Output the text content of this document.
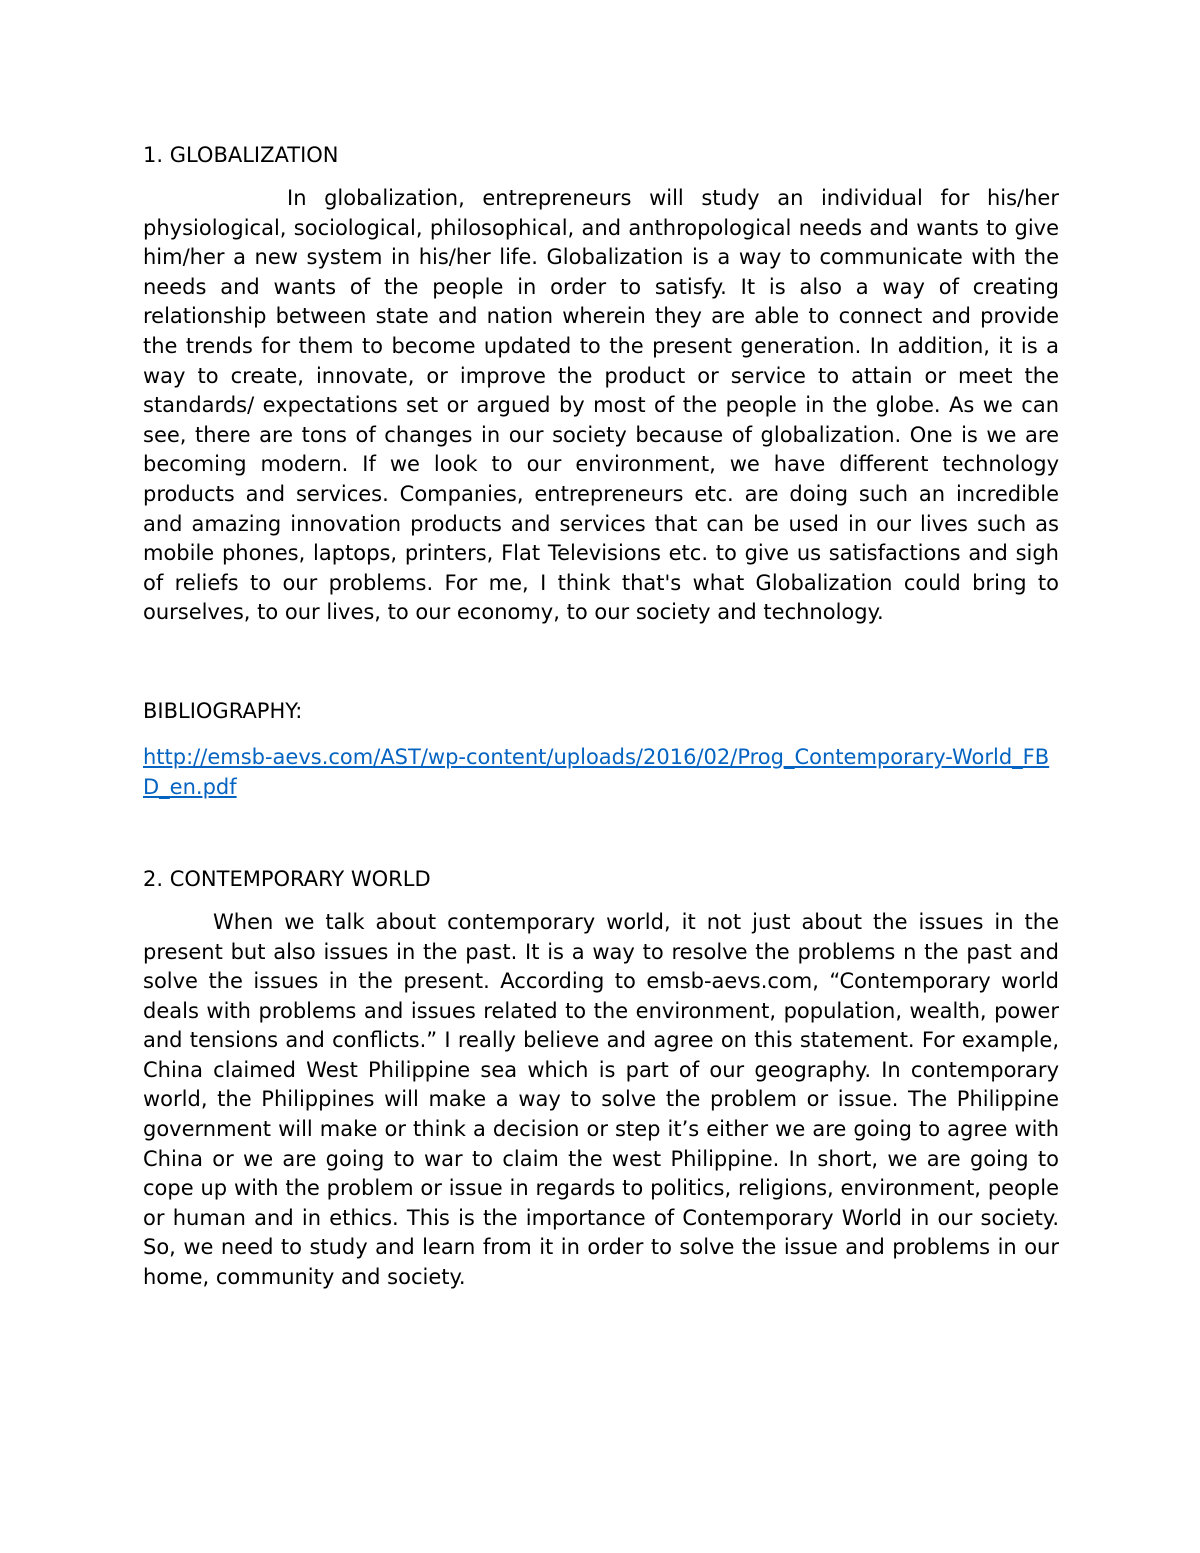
1. GLOBALIZATION

In globalization, entrepreneurs will study an individual for his/her physiological, sociological, philosophical, and anthropological needs and wants to give him/her a new system in his/her life. Globalization is a way to communicate with the needs and wants of the people in order to satisfy. It is also a way of creating relationship between state and nation wherein they are able to connect and provide the trends for them to become updated to the present generation. In addition, it is a way to create, innovate, or improve the product or service to attain or meet the standards/ expectations set or argued by most of the people in the globe. As we can see, there are tons of changes in our society because of globalization. One is we are becoming modern. If we look to our environment, we have different technology products and services. Companies, entrepreneurs etc. are doing such an incredible and amazing innovation products and services that can be used in our lives such as mobile phones, laptops, printers, Flat Televisions etc. to give us satisfactions and sigh of reliefs to our problems. For me, I think that's what Globalization could bring to ourselves, to our lives, to our economy, to our society and technology.

BIBLIOGRAPHY:
http://emsb-aevs.com/AST/wp-content/uploads/2016/02/Prog_Contemporary-World_FBD_en.pdf
2. CONTEMPORARY WORLD

When we talk about contemporary world, it not just about the issues in the present but also issues in the past. It is a way to resolve the problems n the past and solve the issues in the present. According to emsb-aevs.com, “Contemporary world deals with problems and issues related to the environment, population, wealth, power and tensions and conflicts.” I really believe and agree on this statement. For example, China claimed West Philippine sea which is part of our geography. In contemporary world, the Philippines will make a way to solve the problem or issue. The Philippine government will make or think a decision or step it’s either we are going to agree with China or we are going to war to claim the west Philippine. In short, we are going to cope up with the problem or issue in regards to politics, religions, environment, people or human and in ethics. This is the importance of Contemporary World in our society. So, we need to study and learn from it in order to solve the issue and problems in our home, community and society.
